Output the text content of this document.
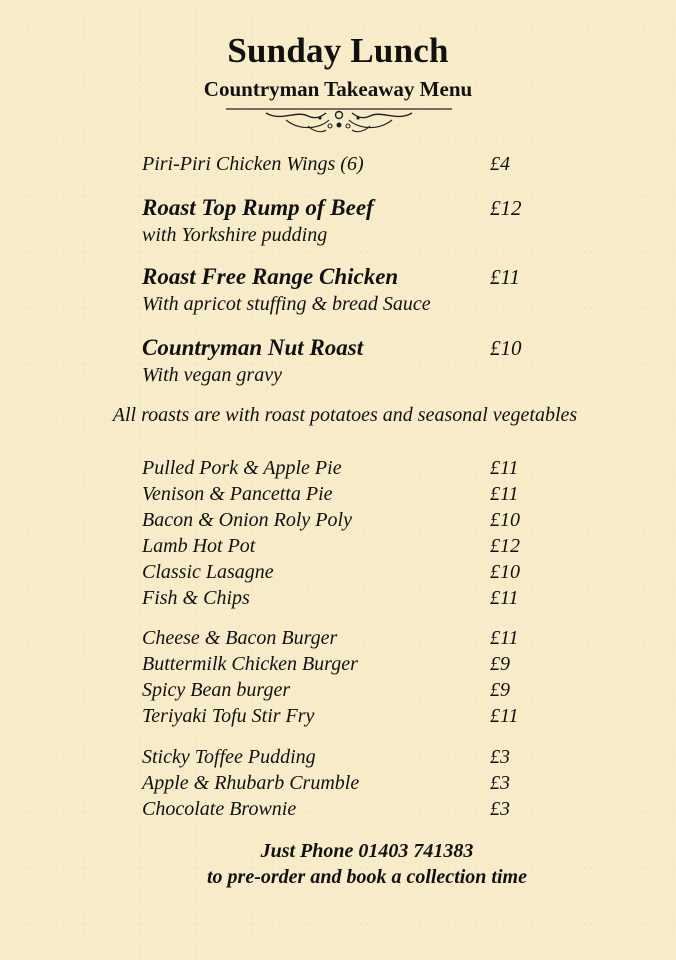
Sunday Lunch
Countryman Takeaway Menu
Piri-Piri Chicken Wings (6)	£4
Roast Top Rump of Beef	£12
with Yorkshire pudding
Roast Free Range Chicken	£11
With apricot stuffing & bread Sauce
Countryman Nut Roast	£10
With vegan gravy
All roasts are with roast potatoes and seasonal vegetables
Pulled Pork & Apple Pie	£11
Venison & Pancetta Pie	£11
Bacon & Onion Roly Poly	£10
Lamb Hot Pot	£12
Classic Lasagne	£10
Fish & Chips	£11
Cheese & Bacon Burger	£11
Buttermilk Chicken Burger	£9
Spicy Bean burger	£9
Teriyaki Tofu Stir Fry	£11
Sticky Toffee Pudding	£3
Apple & Rhubarb Crumble	£3
Chocolate Brownie	£3
Just Phone 01403 741383
to pre-order and book a collection time
